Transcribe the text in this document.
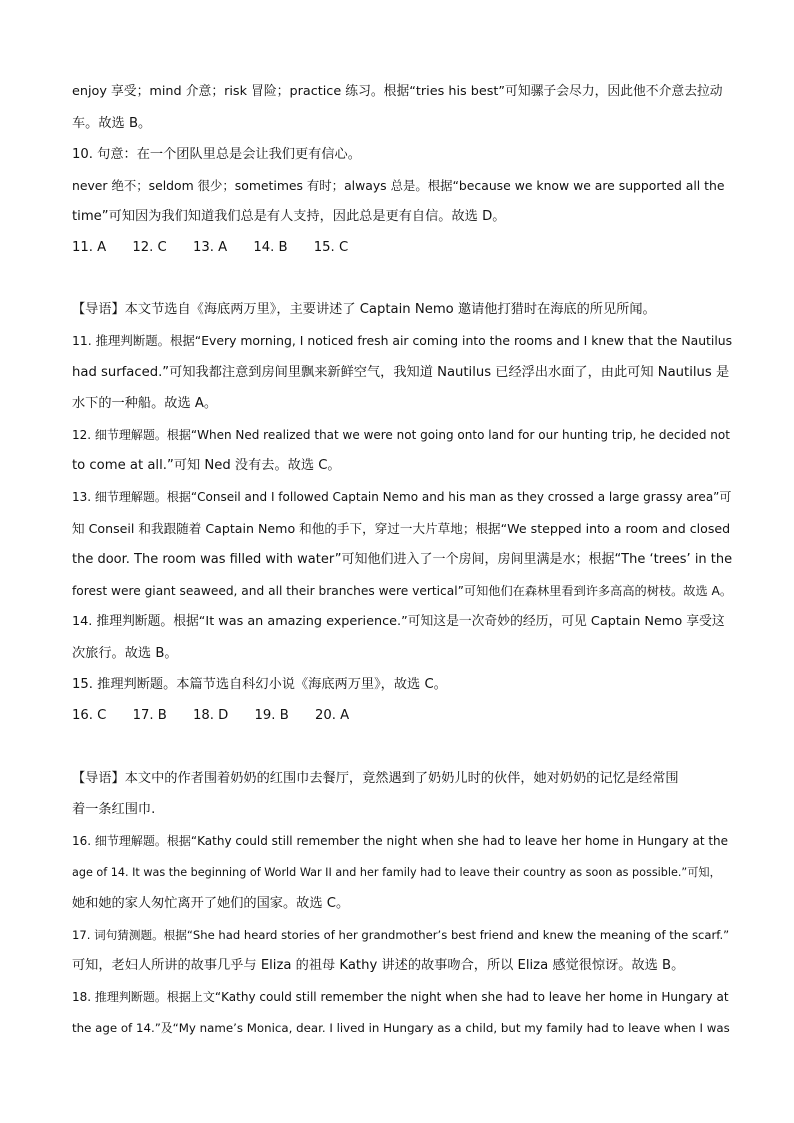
enjoy 享受；mind 介意；risk 冒险；practice 练习。根据“tries his best”可知骡子会尽力，因此他不介意去拉动
车。故选 B。
10. 句意：在一个团队里总是会让我们更有信心。
never 绝不；seldom 很少；sometimes 有时；always 总是。根据“because we know we are supported all the
time”可知因为我们知道我们总是有人支持，因此总是更有自信。故选 D。
11. A 12. C 13. A 14. B 15. C
【导语】本文节选自《海底两万里》，主要讲述了 Captain Nemo 邀请他打猎时在海底的所见所闻。
11. 推理判断题。根据“Every morning, I noticed fresh air coming into the rooms and I knew that the Nautilus
had surfaced.”可知我都注意到房间里飘来新鲜空气，我知道 Nautilus 已经浮出水面了，由此可知 Nautilus 是
水下的一种船。故选 A。
12. 细节理解题。根据“When Ned realized that we were not going onto land for our hunting trip, he decided not
to come at all.”可知 Ned 没有去。故选 C。
13. 细节理解题。根据“Conseil and I followed Captain Nemo and his man as they crossed a large grassy area”可
知 Conseil 和我跟随着 Captain Nemo 和他的手下，穿过一大片草地；根据“We stepped into a room and closed
the door. The room was filled with water”可知他们进入了一个房间，房间里满是水；根据“The ‘trees’ in the
forest were giant seaweed, and all their branches were vertical”可知他们在森林里看到许多高高的树枝。故选 A。
14. 推理判断题。根据“It was an amazing experience.”可知这是一次奇妙的经历，可见 Captain Nemo 享受这
次旅行。故选 B。
15. 推理判断题。本篇节选自科幻小说《海底两万里》，故选 C。
16. C 17. B 18. D 19. B 20. A
【导语】本文中的作者围着奶奶的红围巾去餐厅，竟然遇到了奶奶儿时的伙伴，她对奶奶的记忆是经常围
着一条红围巾.
16. 细节理解题。根据“Kathy could still remember the night when she had to leave her home in Hungary at the
age of 14. It was the beginning of World War II and her family had to leave their country as soon as possible.”可知，
她和她的家人匆忙离开了她们的国家。故选 C。
17. 词句猜测题。根据“She had heard stories of her grandmother’s best friend and knew the meaning of the scarf.”
可知，老妇人所讲的故事几乎与 Eliza 的祖母 Kathy 讲述的故事吻合，所以 Eliza 感觉很惊讶。故选 B。
18. 推理判断题。根据上文“Kathy could still remember the night when she had to leave her home in Hungary at
the age of 14.”及“My name’s Monica, dear. I lived in Hungary as a child, but my family had to leave when I was
